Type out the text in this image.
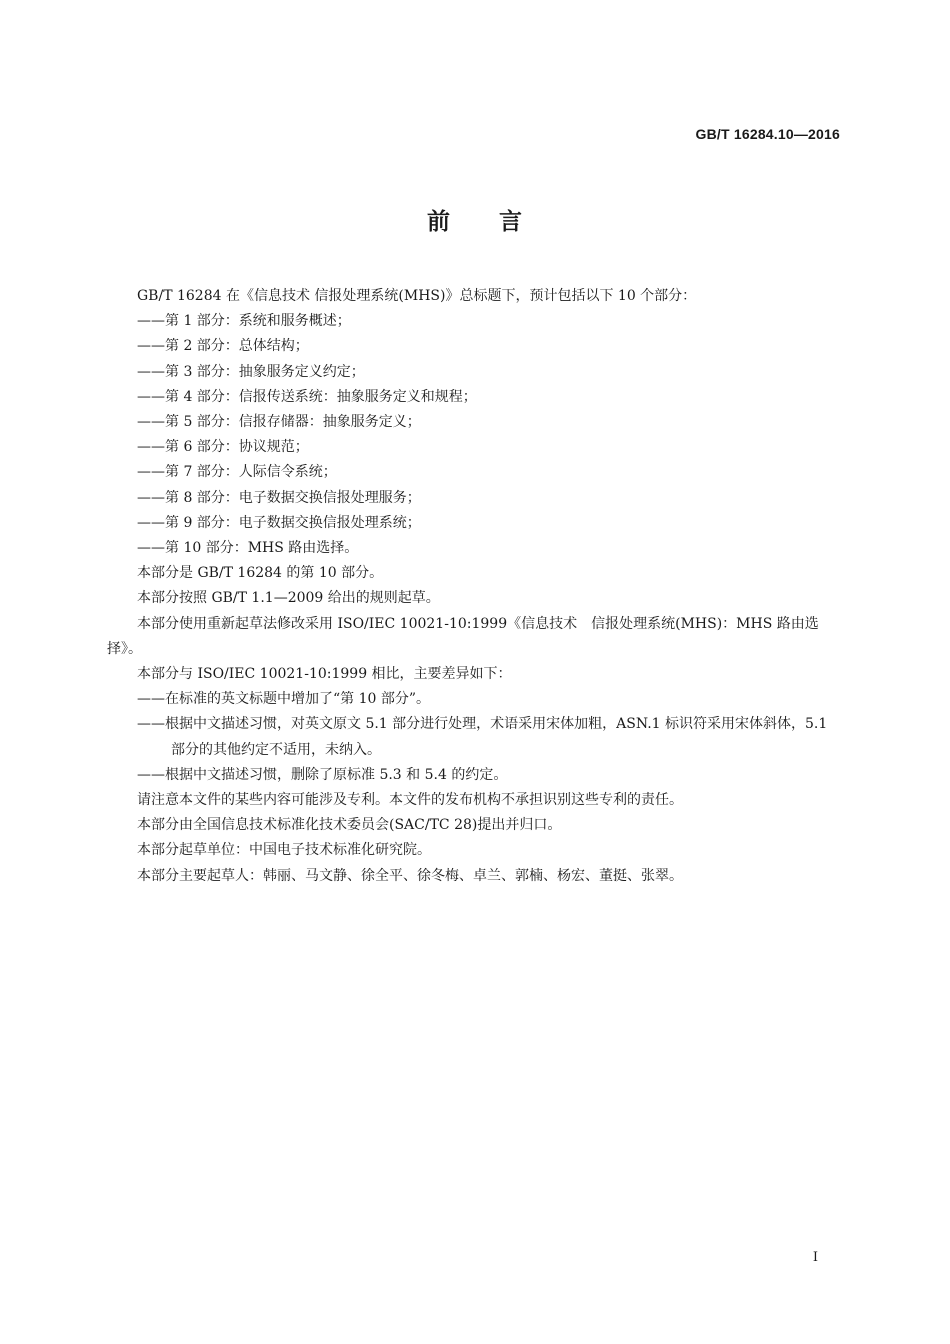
GB/T 16284.10—2016
前 言
GB/T 16284 在《信息技术 信报处理系统(MHS)》总标题下，预计包括以下 10 个部分：
——第 1 部分：系统和服务概述；
——第 2 部分：总体结构；
——第 3 部分：抽象服务定义约定；
——第 4 部分：信报传送系统：抽象服务定义和规程；
——第 5 部分：信报存储器：抽象服务定义；
——第 6 部分：协议规范；
——第 7 部分：人际信令系统；
——第 8 部分：电子数据交换信报处理服务；
——第 9 部分：电子数据交换信报处理系统；
——第 10 部分：MHS 路由选择。
本部分是 GB/T 16284 的第 10 部分。
本部分按照 GB/T 1.1—2009 给出的规则起草。
本部分使用重新起草法修改采用 ISO/IEC 10021-10:1999《信息技术　信报处理系统(MHS)：MHS 路由选择》。
本部分与 ISO/IEC 10021-10:1999 相比，主要差异如下：
——在标准的英文标题中增加了“第 10 部分”。
——根据中文描述习惯，对英文原文 5.1 部分进行处理，术语采用宋体加粗，ASN.1 标识符采用宋体斜体，5.1 部分的其他约定不适用，未纳入。
——根据中文描述习惯，删除了原标准 5.3 和 5.4 的约定。
请注意本文件的某些内容可能涉及专利。本文件的发布机构不承担识别这些专利的责任。
本部分由全国信息技术标准化技术委员会(SAC/TC 28)提出并归口。
本部分起草单位：中国电子技术标准化研究院。
本部分主要起草人：韩丽、马文静、徐全平、徐冬梅、卓兰、郭楠、杨宏、董挺、张翠。
I
